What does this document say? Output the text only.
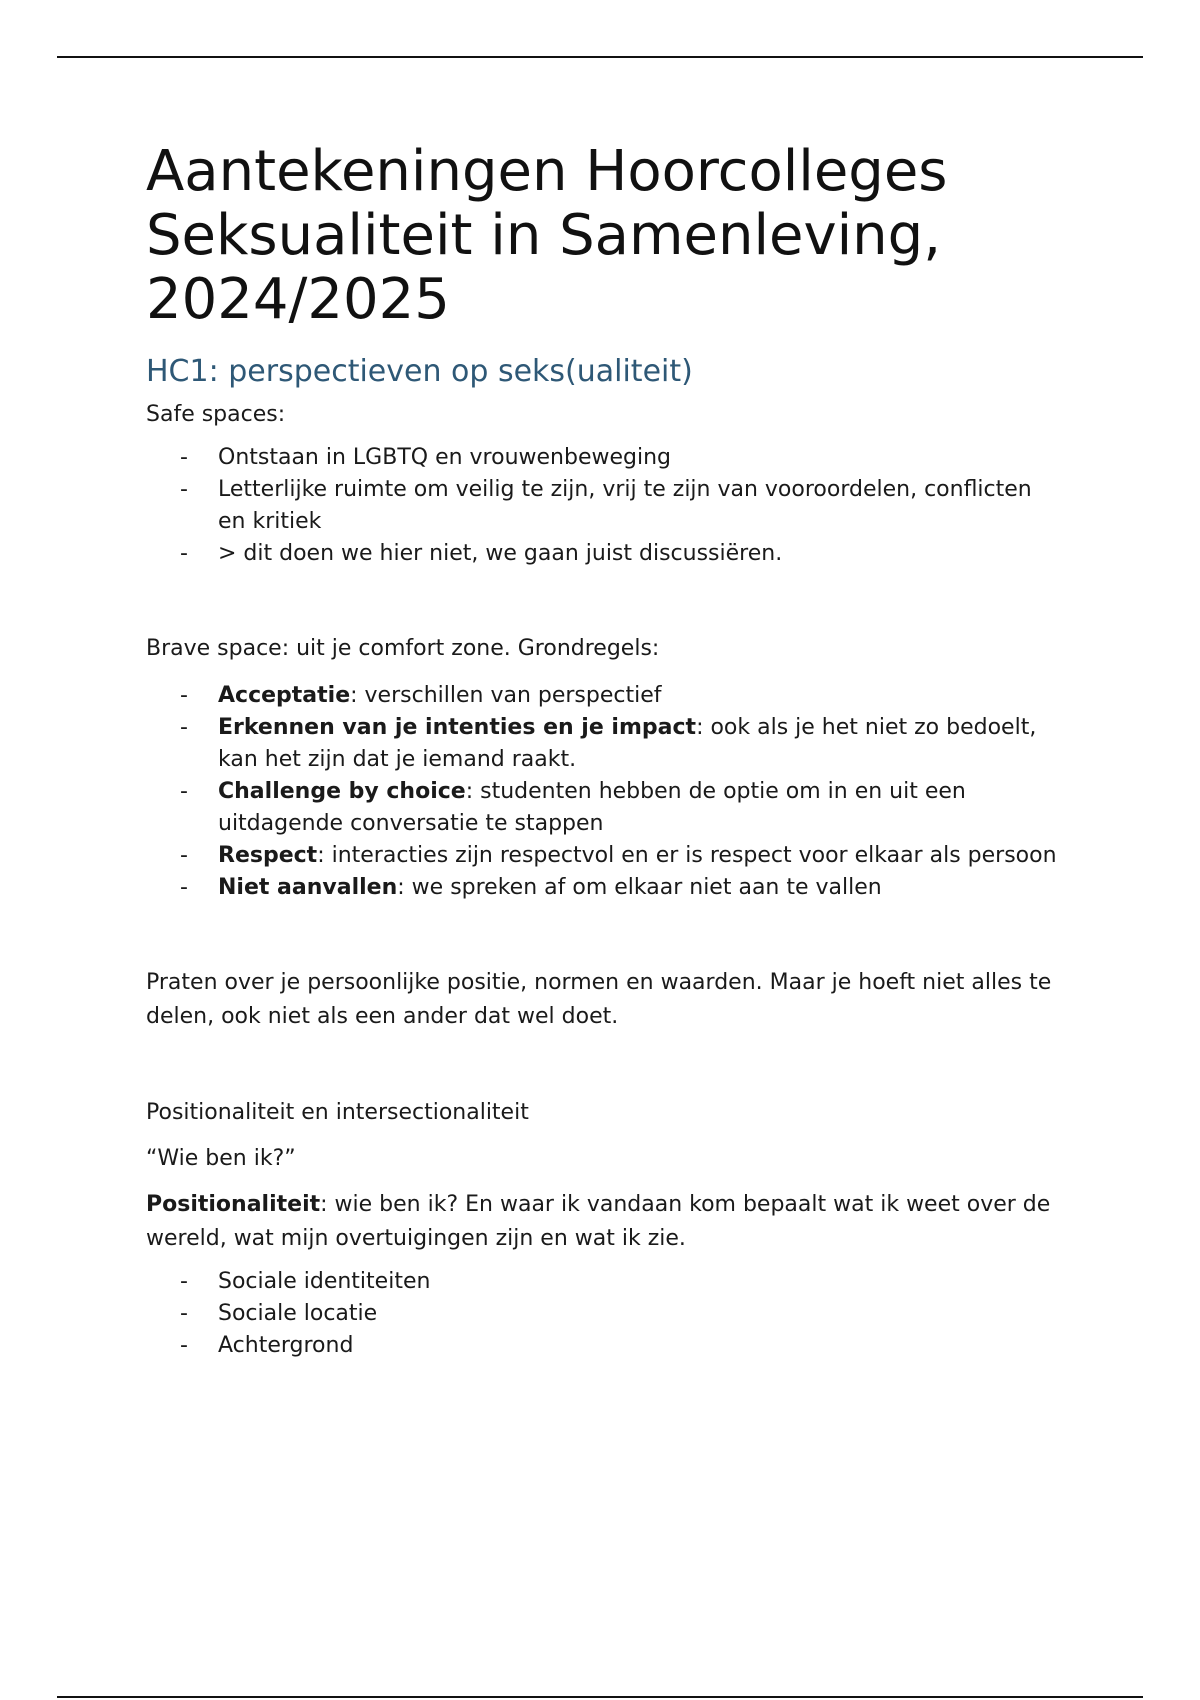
Aantekeningen Hoorcolleges
Seksualiteit in Samenleving,
2024/2025
HC1: perspectieven op seks(ualiteit)

Safe spaces:

- Ontstaan in LGBTQ en vrouwenbeweging
- Letterlijke ruimte om veilig te zijn, vrij te zijn van vooroordelen, conflicten en kritiek
- > dit doen we hier niet, we gaan juist discussiëren.

Brave space: uit je comfort zone. Grondregels:

- Acceptatie: verschillen van perspectief
- Erkennen van je intenties en je impact: ook als je het niet zo bedoelt, kan het zijn dat je iemand raakt.
- Challenge by choice: studenten hebben de optie om in en uit een uitdagende conversatie te stappen
- Respect: interacties zijn respectvol en er is respect voor elkaar als persoon
- Niet aanvallen: we spreken af om elkaar niet aan te vallen

Praten over je persoonlijke positie, normen en waarden. Maar je hoeft niet alles te delen, ook niet als een ander dat wel doet.

Positionaliteit en intersectionaliteit

“Wie ben ik?”

Positionaliteit: wie ben ik? En waar ik vandaan kom bepaalt wat ik weet over de wereld, wat mijn overtuigingen zijn en wat ik zie.

- Sociale identiteiten
- Sociale locatie
- Achtergrond
